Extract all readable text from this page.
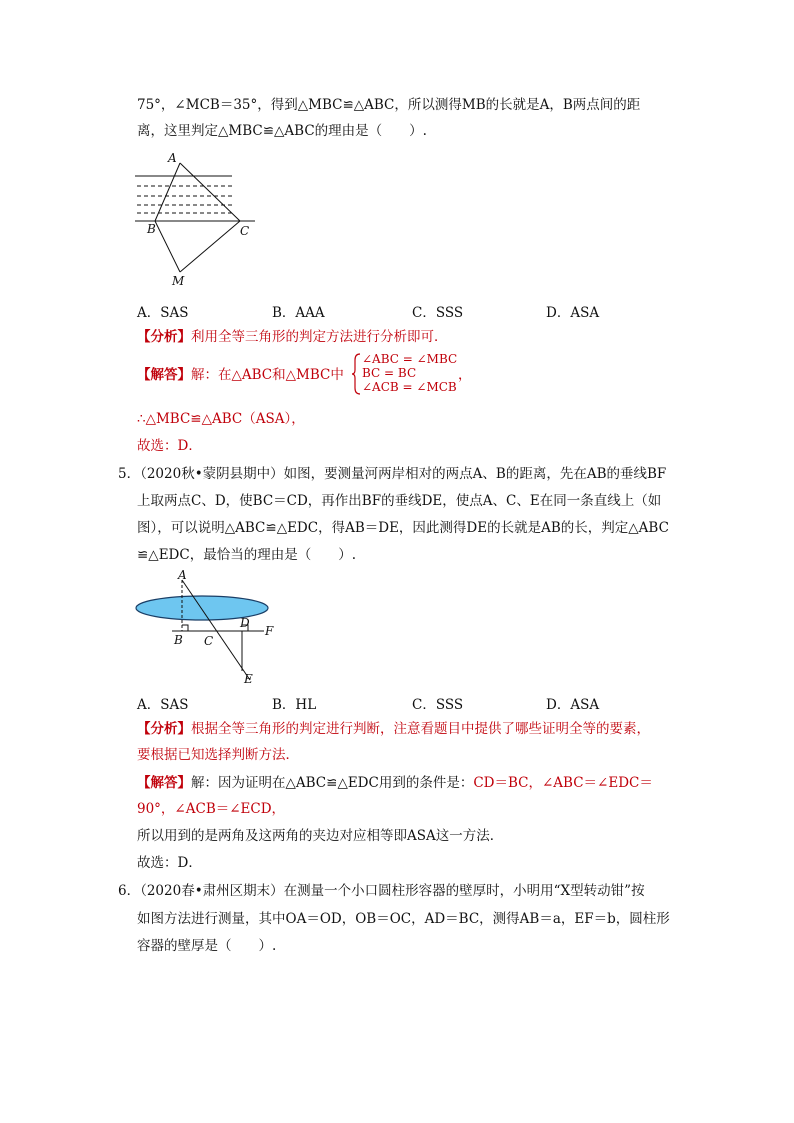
75°，∠MCB＝35°，得到△MBC≌△ABC，所以测得MB的长就是A，B两点间的距
离，这里判定△MBC≌△ABC的理由是（　　）.
A
B	C
M
A．SAS	B．AAA	C．SSS	D．ASA
【分析】利用全等三角形的判定方法进行分析即可．
【解答】解：在△ABC和△MBC中
∠ABC = ∠MBC
BC = BC
∠ACB = ∠MCB
，
∴△MBC≌△ABC（ASA），
故选：D．
5．（2020秋•蒙阴县期中）如图，要测量河两岸相对的两点A、B的距离，先在AB的垂线BF
上取两点C、D，使BC＝CD，再作出BF的垂线DE，使点A、C、E在同一条直线上（如
图），可以说明△ABC≌△EDC，得AB＝DE，因此测得DE的长就是AB的长，判定△ABC
≌△EDC，最恰当的理由是（　　）.
A
B C
D
F
E
A．SAS	B．HL	C．SSS	D．ASA
【分析】根据全等三角形的判定进行判断，注意看题目中提供了哪些证明全等的要素，
要根据已知选择判断方法．
【解答】解：因为证明在△ABC≌△EDC用到的条件是：CD＝BC，∠ABC＝∠EDC＝
90°，∠ACB＝∠ECD，
所以用到的是两角及这两角的夹边对应相等即ASA这一方法．
故选：D．
6．（2020春•肃州区期末）在测量一个小口圆柱形容器的壁厚时，小明用“X型转动钳”按
如图方法进行测量，其中OA＝OD，OB＝OC，AD＝BC，测得AB＝a，EF＝b，圆柱形
容器的壁厚是（　　）.
